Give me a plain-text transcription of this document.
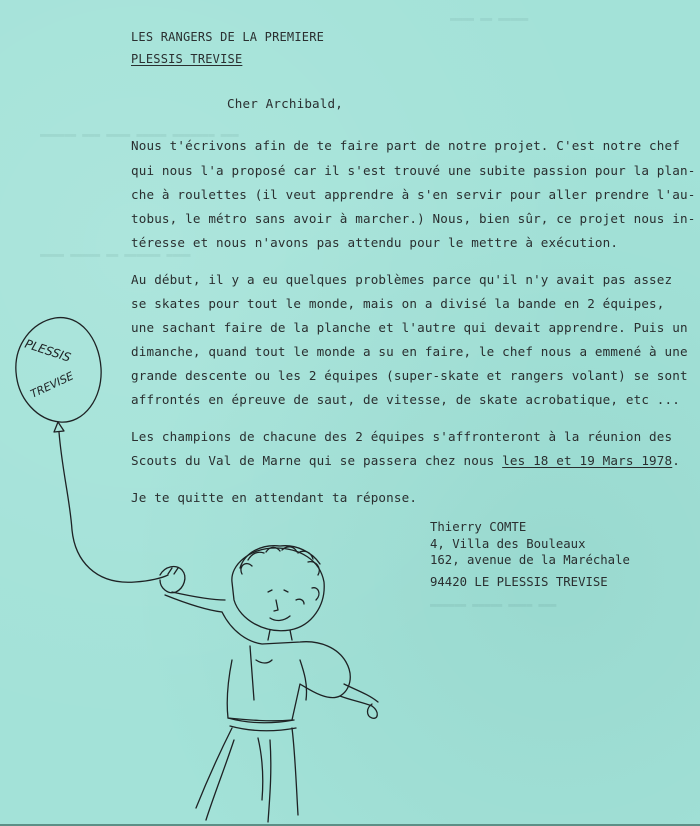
▬▬▬▬ ▬▬ ▬▬▬▬▬
▬▬▬▬▬▬ ▬▬▬ ▬▬▬▬ ▬▬▬▬▬ ▬▬▬▬▬▬▬ ▬▬▬
▬▬▬▬ ▬▬▬▬▬ ▬▬ ▬▬▬▬▬▬ ▬▬▬▬
▬▬▬▬▬▬ ▬▬▬▬▬ ▬▬▬▬ ▬▬▬
LES RANGERS DE LA PREMIERE
PLESSIS TREVISE
Cher Archibald,
Nous t'écrivons afin de te faire part de notre projet. C'est notre chef
qui nous l'a proposé car il s'est trouvé une subite passion pour la plan-
che à roulettes (il veut apprendre à s'en servir pour aller prendre l'au-
tobus, le métro sans avoir à marcher.) Nous, bien sûr, ce projet nous in-
téresse et nous n'avons pas attendu pour le mettre à exécution.
Au début, il y a eu quelques problèmes parce qu'il n'y avait pas assez
se skates pour tout le monde, mais on a divisé la bande en 2 équipes,
une sachant faire de la planche et l'autre qui devait apprendre. Puis un
dimanche, quand tout le monde a su en faire, le chef nous a emmené à une
grande descente ou les 2 équipes (super-skate et rangers volant) se sont
affrontés en épreuve de saut, de vitesse, de skate acrobatique, etc ...
Les champions de chacune des 2 équipes s'affronteront à la réunion des
Scouts du Val de Marne qui se passera chez nous les 18 et 19 Mars 1978.
Je te quitte en attendant ta réponse.
Thierry COMTE
4, Villa des Bouleaux
162, avenue de la Maréchale
94420 LE PLESSIS TREVISE
PLESSIS
TREVISE
